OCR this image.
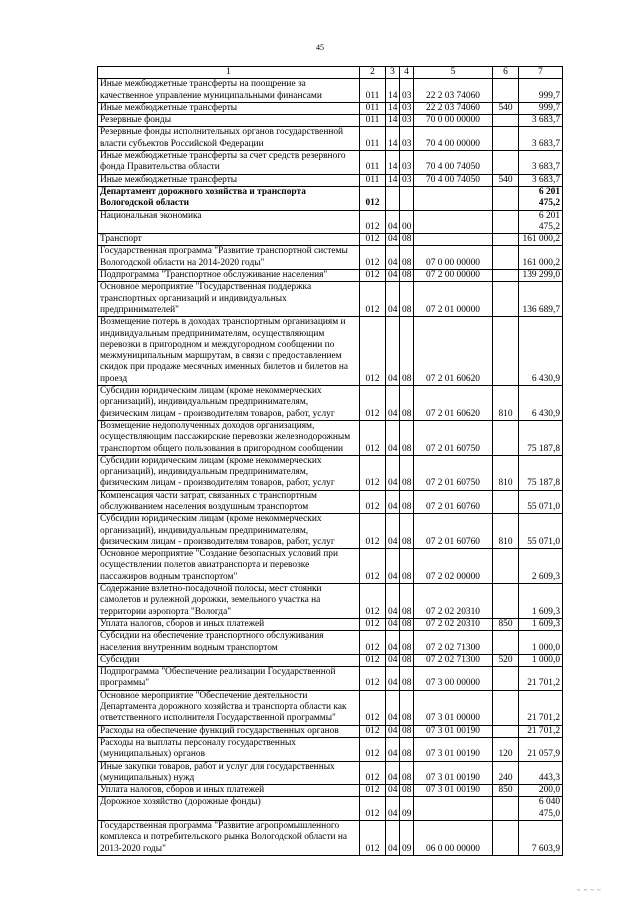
45
1	2	3	4	5	6	7
Иные межбюджетные трансферты на поощрение за качественное управление муниципальными финансами	011	14	03	22 2 03 74060		999,7
Иные межбюджетные трансферты	011	14	03	22 2 03 74060	540	999,7
Резервные фонды	011	14	03	70 0 00 00000		3 683,7
Резервные фонды исполнительных органов государственной власти субъектов Российской Федерации	011	14	03	70 4 00 00000		3 683,7
Иные межбюджетные трансферты за счет средств резервного фонда Правительства области	011	14	03	70 4 00 74050		3 683,7
Иные межбюджетные трансферты	011	14	03	70 4 00 74050	540	3 683,7
Департамент дорожного хозяйства и транспорта Вологодской области	012					6 201 475,2
Национальная экономика	012	04	00			6 201 475,2
Транспорт	012	04	08			161 000,2
Государственная программа "Развитие транспортной системы Вологодской области на 2014-2020 годы"	012	04	08	07 0 00 00000		161 000,2
Подпрограмма "Транспортное обслуживание населения"	012	04	08	07 2 00 00000		139 299,0
Основное мероприятие "Государственная поддержка транспортных организаций и индивидуальных предпринимателей"	012	04	08	07 2 01 00000		136 689,7
Возмещение потерь в доходах транспортным организациям и индивидуальным предпринимателям, осуществляющим перевозки в пригородном и междугородном сообщении по межмуниципальным маршрутам, в связи с предоставлением скидок при продаже месячных именных билетов и билетов на проезд	012	04	08	07 2 01 60620		6 430,9
Субсидии юридическим лицам (кроме некоммерческих организаций), индивидуальным предпринимателям, физическим лицам - производителям товаров, работ, услуг	012	04	08	07 2 01 60620	810	6 430,9
Возмещение недополученных доходов организациям, осуществляющим пассажирские перевозки железнодорожным транспортом общего пользования в пригородном сообщении	012	04	08	07 2 01 60750		75 187,8
Субсидии юридическим лицам (кроме некоммерческих организаций), индивидуальным предпринимателям, физическим лицам - производителям товаров, работ, услуг	012	04	08	07 2 01 60750	810	75 187,8
Компенсация части затрат, связанных с транспортным обслуживанием населения воздушным транспортом	012	04	08	07 2 01 60760		55 071,0
Субсидии юридическим лицам (кроме некоммерческих организаций), индивидуальным предпринимателям, физическим лицам - производителям товаров, работ, услуг	012	04	08	07 2 01 60760	810	55 071,0
Основное мероприятие "Создание безопасных условий при осуществлении полетов авиатранспорта и перевозке пассажиров водным транспортом"	012	04	08	07 2 02 00000		2 609,3
Содержание взлетно-посадочной полосы, мест стоянки самолетов и рулежной дорожки, земельного участка на территории аэропорта "Вологда"	012	04	08	07 2 02 20310		1 609,3
Уплата налогов, сборов и иных платежей	012	04	08	07 2 02 20310	850	1 609,3
Субсидии на обеспечение транспортного обслуживания населения внутренним водным транспортом	012	04	08	07 2 02 71300		1 000,0
Субсидии	012	04	08	07 2 02 71300	520	1 000,0
Подпрограмма "Обеспечение реализации Государственной программы"	012	04	08	07 3 00 00000		21 701,2
Основное мероприятие "Обеспечение деятельности Департамента дорожного хозяйства и транспорта области как ответственного исполнителя Государственной программы"	012	04	08	07 3 01 00000		21 701,2
Расходы на обеспечение функций государственных органов	012	04	08	07 3 01 00190		21 701,2
Расходы на выплаты персоналу государственных (муниципальных) органов	012	04	08	07 3 01 00190	120	21 057,9
Иные закупки товаров, работ и услуг для государственных (муниципальных) нужд	012	04	08	07 3 01 00190	240	443,3
Уплата налогов, сборов и иных платежей	012	04	08	07 3 01 00190	850	200,0
Дорожное хозяйство (дорожные фонды)	012	04	09			6 040 475,0
Государственная программа "Развитие агропромышленного комплекса и потребительского рынка Вологодской области на 2013-2020 годы"	012	04	09	06 0 00 00000		7 603,9
~ ~ ~ ~
